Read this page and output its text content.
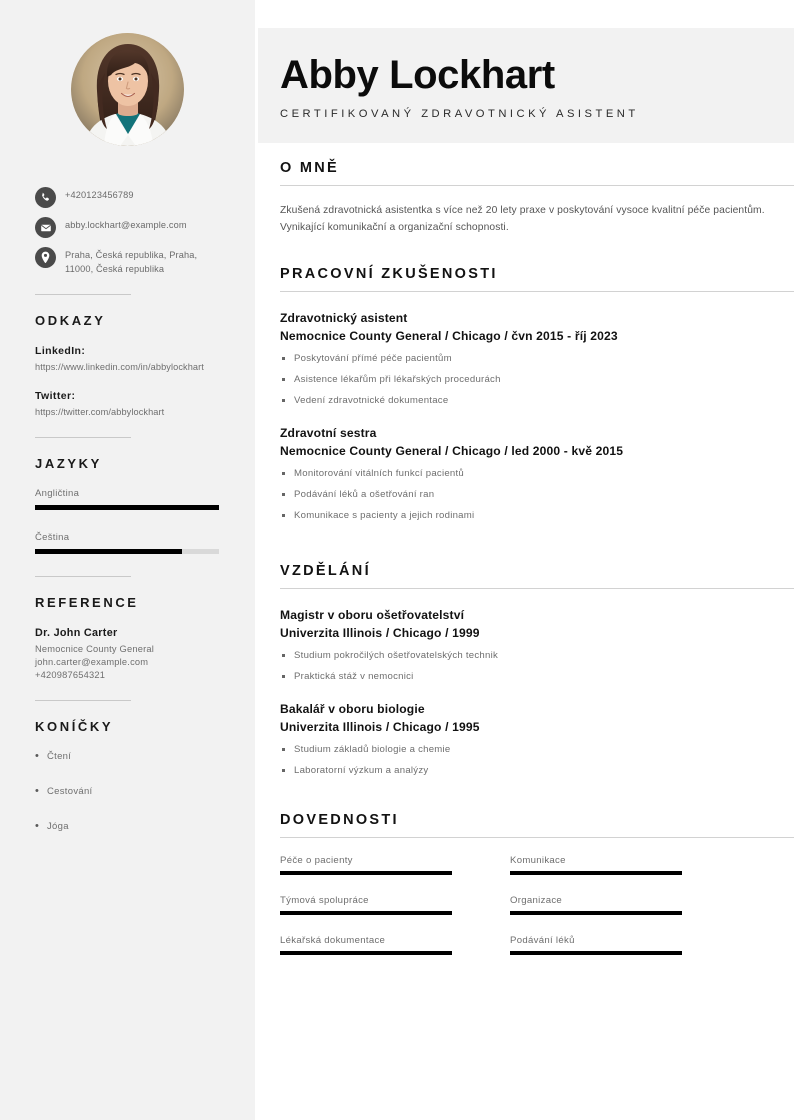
+420123456789
abby.lockhart@example.com
Praha, Česká republika, Praha, 11000, Česká republika
ODKAZY
LinkedIn:
https://www.linkedin.com/in/abbylockhart
Twitter:
https://twitter.com/abbylockhart
JAZYKY
Angličtina
Čeština
REFERENCE
Dr. John Carter
Nemocnice County General
john.carter@example.com
+420987654321
KONÍČKY
• Čtení
• Cestování
• Jóga
Abby Lockhart
CERTIFIKOVANÝ ZDRAVOTNICKÝ ASISTENT
O MNĚ

Zkušená zdravotnická asistentka s více než 20 lety praxe v poskytování vysoce kvalitní péče pacientům. Vynikající komunikační a organizační schopnosti.

PRACOVNÍ ZKUŠENOSTI
Zdravotnický asistent
Nemocnice County General / Chicago / čvn 2015 - říj 2023
Poskytování přímé péče pacientům
Asistence lékařům při lékařských procedurách
Vedení zdravotnické dokumentace
Zdravotní sestra
Nemocnice County General / Chicago / led 2000 - kvě 2015
Monitorování vitálních funkcí pacientů
Podávání léků a ošetřování ran
Komunikace s pacienty a jejich rodinami
VZDĚLÁNÍ
Magistr v oboru ošetřovatelství
Univerzita Illinois / Chicago / 1999
Studium pokročilých ošetřovatelských technik
Praktická stáž v nemocnici
Bakalář v oboru biologie
Univerzita Illinois / Chicago / 1995
Studium základů biologie a chemie
Laboratorní výzkum a analýzy
DOVEDNOSTI
Péče o pacienty	Komunikace
Týmová spolupráce	Organizace
Lékařská dokumentace	Podávání léků
